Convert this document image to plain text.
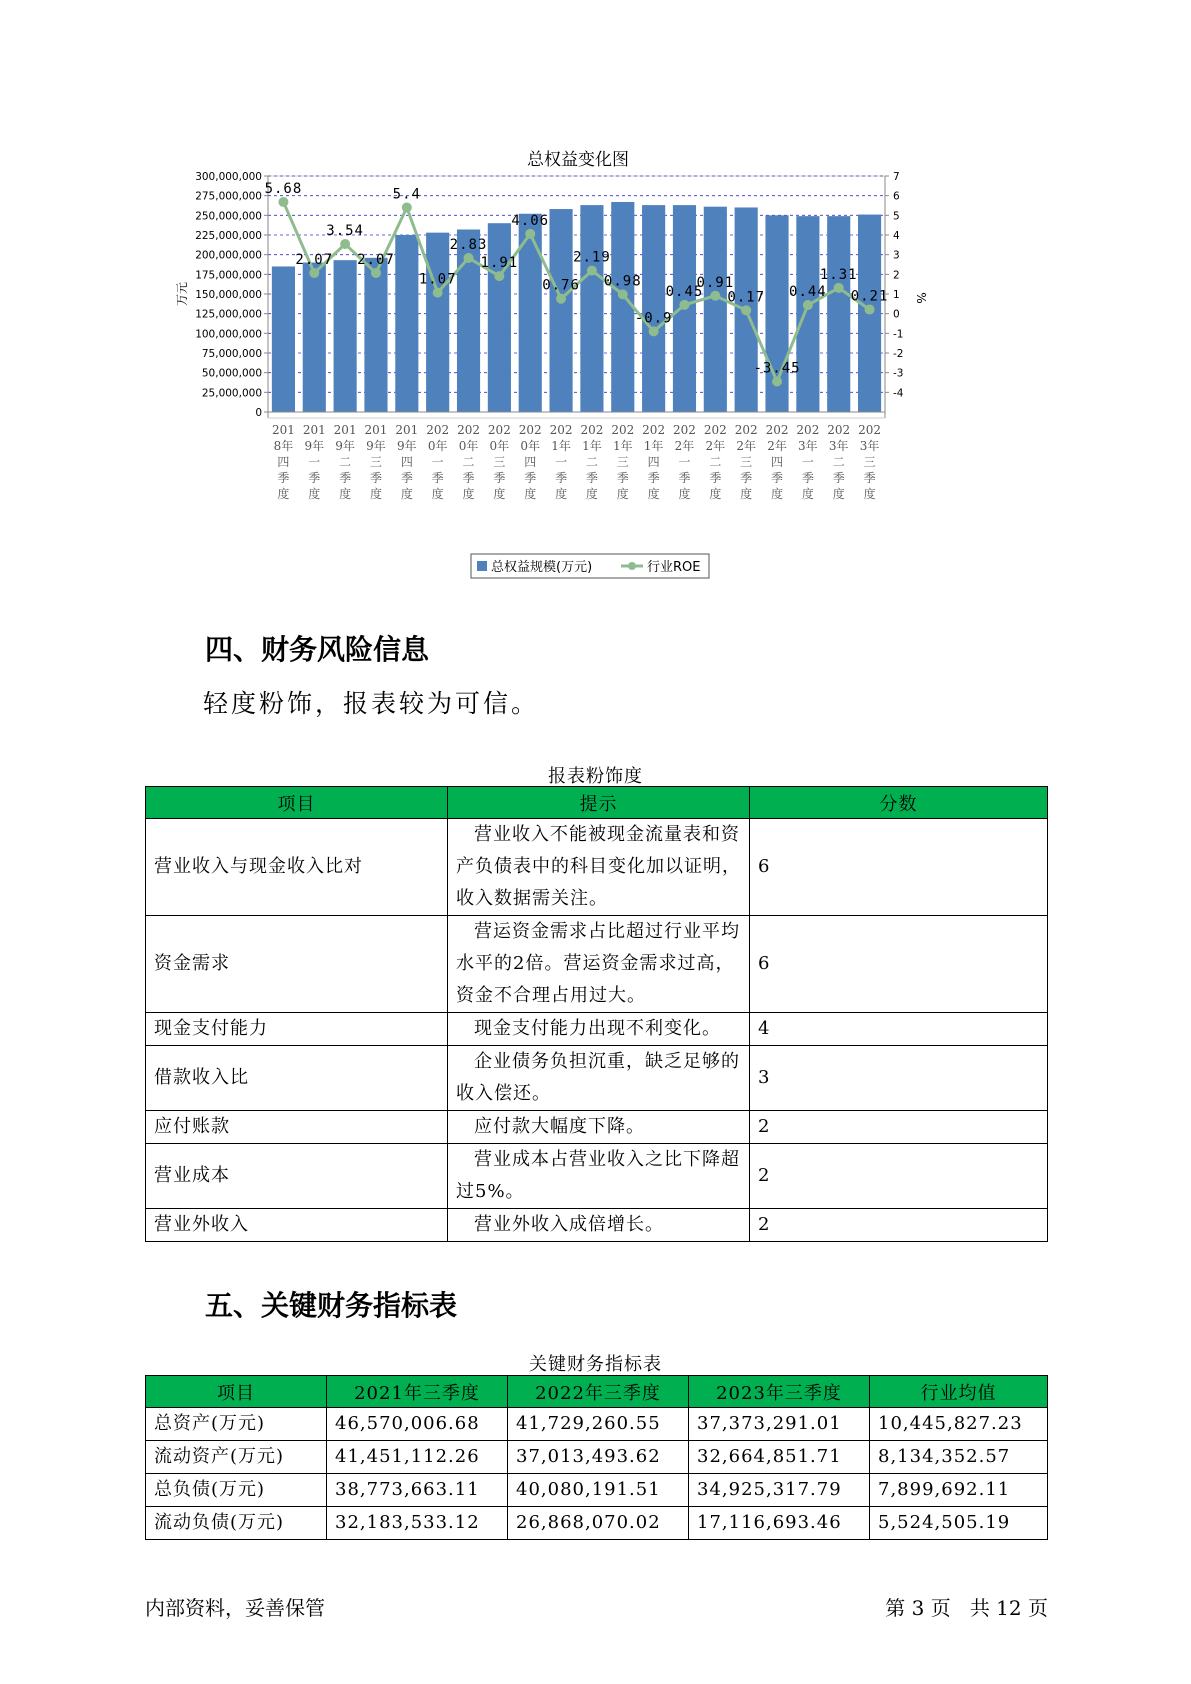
总权益变化图
300,000,000
275,000,000
250,000,000
225,000,000
200,000,000
175,000,000
150,000,000
125,000,000
100,000,000
75,000,000
50,000,000
25,000,000
0
7
6
5
4
3
2
1
0
-1
-2
-3
-4
万元	%
201
8年
四
季
度
201
9年
一
季
度
201
9年
二
季
度
201
9年
三
季
度
201
9年
四
季
度
202
0年
一
季
度
202
0年
二
季
度
202
0年
三
季
度
202
0年
四
季
度
202
1年
一
季
度
202
1年
二
季
度
202
1年
三
季
度
202
1年
四
季
度
202
2年
一
季
度
202
2年
二
季
度
202
2年
三
季
度
202
2年
四
季
度
202
3年
一
季
度
202
3年
二
季
度
202
3年
三
季
度
5.68
2.07
3.54
2.07
5.4
1.07
2.83
1.91
4.06
0.76
2.19
0.98
-0.9
0.45
0.91
0.17
-3.45
0.44
1.31
0.21
总权益规模(万元)	行业ROE
四、财务风险信息
轻度粉饰，报表较为可信。
报表粉饰度
项目	提示	分数
营业收入与现金收入比对	营业收入不能被现金流量表和资产负债表中的科目变化加以证明，收入数据需关注。	6
资金需求	营运资金需求占比超过行业平均水平的2倍。营运资金需求过高，资金不合理占用过大。	6
现金支付能力	现金支付能力出现不利变化。	4
借款收入比	企业债务负担沉重，缺乏足够的收入偿还。	3
应付账款	应付款大幅度下降。	2
营业成本	营业成本占营业收入之比下降超过5%。	2
营业外收入	营业外收入成倍增长。	2
五、关键财务指标表
关键财务指标表
项目	2021年三季度	2022年三季度	2023年三季度	行业均值
总资产(万元)	46,570,006.68	41,729,260.55	37,373,291.01	10,445,827.23
流动资产(万元)	41,451,112.26	37,013,493.62	32,664,851.71	8,134,352.57
总负债(万元)	38,773,663.11	40,080,191.51	34,925,317.79	7,899,692.11
流动负债(万元)	32,183,533.12	26,868,070.02	17,116,693.46	5,524,505.19
内部资料，妥善保管	第 3 页 共 12 页
